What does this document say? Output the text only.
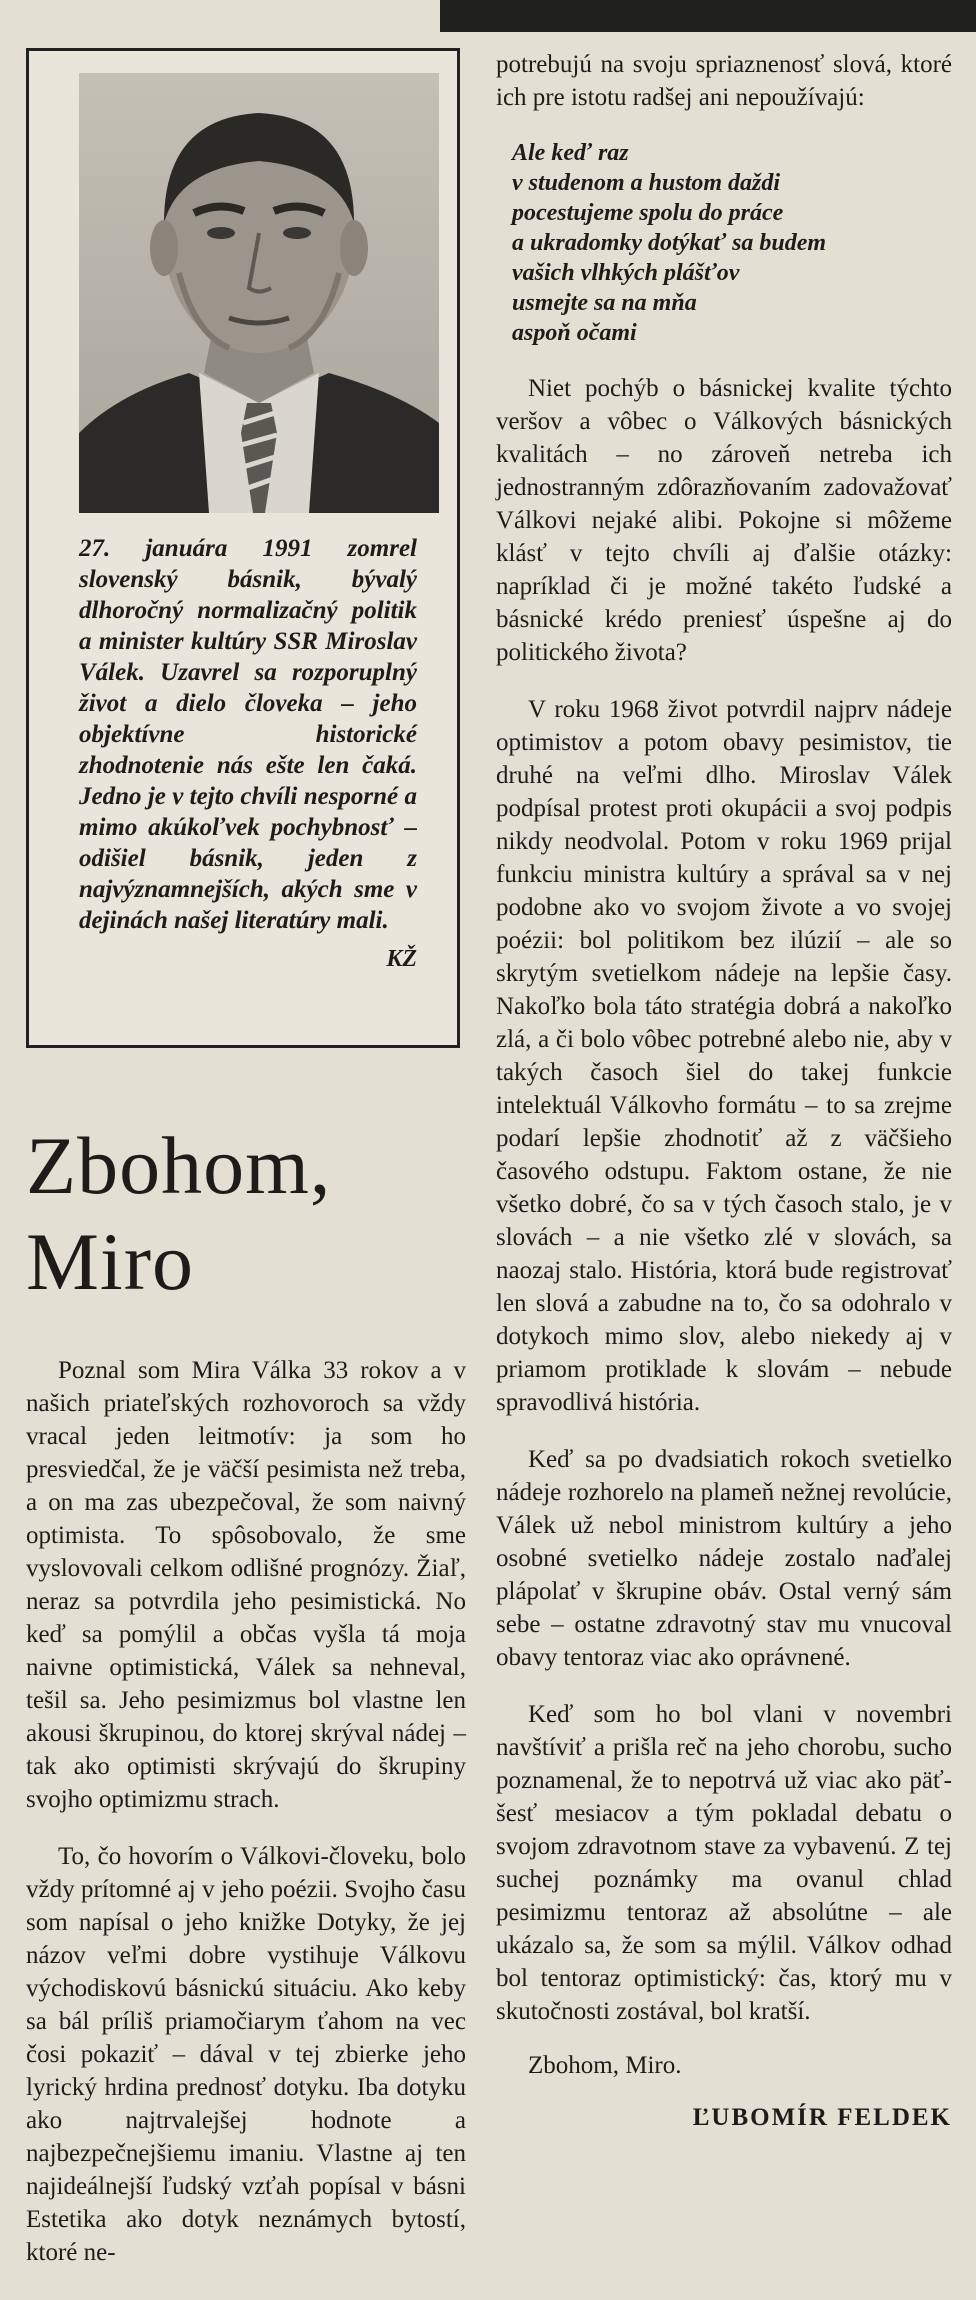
27. januára 1991 zomrel slovenský básnik, bývalý dlhoročný normalizačný politik a minister kultúry SSR Miroslav Válek. Uzavrel sa rozporuplný život a dielo človeka – jeho objektívne historické zhodnotenie nás ešte len čaká. Jedno je v tejto chvíli nesporné a mimo akúkoľvek pochybnosť – odišiel básnik, jeden z najvýznamnejších, akých sme v dejinách našej literatúry mali.
KŽ
Zbohom,
Miro

Poznal som Mira Válka 33 rokov a v našich priateľských rozhovoroch sa vždy vracal jeden leitmotív: ja som ho presviedčal, že je väčší pesimista než treba, a on ma zas ubezpečoval, že som naivný optimista. To spôsobovalo, že sme vyslovovali celkom odlišné prognózy. Žiaľ, neraz sa potvrdila jeho pesimistická. No keď sa pomýlil a občas vyšla tá moja naivne optimistická, Válek sa nehneval, tešil sa. Jeho pesimizmus bol vlastne len akousi škrupinou, do ktorej skrýval nádej – tak ako optimisti skrývajú do škrupiny svojho optimizmu strach.

To, čo hovorím o Válkovi-človeku, bolo vždy prítomné aj v jeho poézii. Svojho času som napísal o jeho knižke Dotyky, že jej názov veľmi dobre vystihuje Válkovu východiskovú básnickú situáciu. Ako keby sa bál príliš priamočiarym ťahom na vec čosi pokaziť – dával v tej zbierke jeho lyrický hrdina prednosť dotyku. Iba dotyku ako najtrvalejšej hodnote a najbezpečnejšiemu imaniu. Vlastne aj ten najideálnejší ľudský vzťah popísal v básni Estetika ako dotyk neznámych bytostí, ktoré ne-

potrebujú na svoju spriaznenosť slová, ktoré ich pre istotu radšej ani nepoužívajú:

Ale keď raz
v studenom a hustom daždi
pocestujeme spolu do práce
a ukradomky dotýkať sa budem
vašich vlhkých plášťov
usmejte sa na mňa
aspoň očami

Niet pochýb o básnickej kvalite týchto veršov a vôbec o Válkových básnických kvalitách – no zároveň netreba ich jednostranným zdôrazňovaním zadovažovať Válkovi nejaké alibi. Pokojne si môžeme klásť v tejto chvíli aj ďalšie otázky: napríklad či je možné takéto ľudské a básnické krédo preniesť úspešne aj do politického života?

V roku 1968 život potvrdil najprv nádeje optimistov a potom obavy pesimistov, tie druhé na veľmi dlho. Miroslav Válek podpísal protest proti okupácii a svoj podpis nikdy neodvolal. Potom v roku 1969 prijal funkciu ministra kultúry a správal sa v nej podobne ako vo svojom živote a vo svojej poézii: bol politikom bez ilúzií – ale so skrytým svetielkom nádeje na lepšie časy. Nakoľko bola táto stratégia dobrá a nakoľko zlá, a či bolo vôbec potrebné alebo nie, aby v takých časoch šiel do takej funkcie intelektuál Válkovho formátu – to sa zrejme podarí lepšie zhodnotiť až z väčšieho časového odstupu. Faktom ostane, že nie všetko dobré, čo sa v tých časoch stalo, je v slovách – a nie všetko zlé v slovách, sa naozaj stalo. História, ktorá bude registrovať len slová a zabudne na to, čo sa odohralo v dotykoch mimo slov, alebo niekedy aj v priamom protiklade k slovám – nebude spravodlivá história.

Keď sa po dvadsiatich rokoch svetielko nádeje rozhorelo na plameň nežnej revolúcie, Válek už nebol ministrom kultúry a jeho osobné svetielko nádeje zostalo naďalej plápolať v škrupine obáv. Ostal verný sám sebe – ostatne zdravotný stav mu vnucoval obavy tentoraz viac ako oprávnené.

Keď som ho bol vlani v novembri navštíviť a prišla reč na jeho chorobu, sucho poznamenal, že to nepotrvá už viac ako päť-šesť mesiacov a tým pokladal debatu o svojom zdravotnom stave za vybavenú. Z tej suchej poznámky ma ovanul chlad pesimizmu tentoraz až absolútne – ale ukázalo sa, že som sa mýlil. Válkov odhad bol tentoraz optimistický: čas, ktorý mu v skutočnosti zostával, bol kratší.

Zbohom, Miro.
ĽUBOMÍR FELDEK
